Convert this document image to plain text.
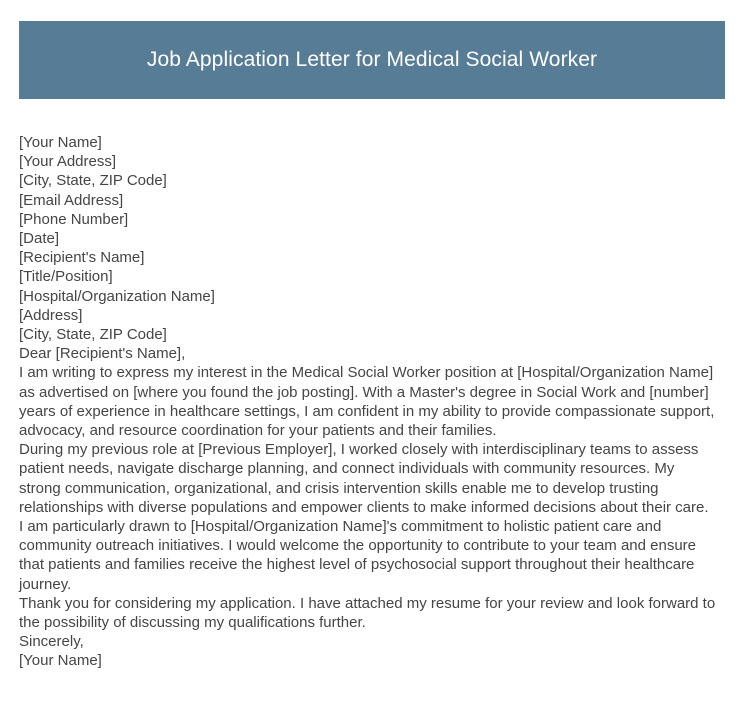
Job Application Letter for Medical Social Worker
[Your Name]
[Your Address]
[City, State, ZIP Code]
[Email Address]
[Phone Number]
[Date]
[Recipient's Name]
[Title/Position]
[Hospital/Organization Name]
[Address]
[City, State, ZIP Code]
Dear [Recipient's Name],

I am writing to express my interest in the Medical Social Worker position at [Hospital/Organization Name] as advertised on [where you found the job posting]. With a Master's degree in Social Work and [number] years of experience in healthcare settings, I am confident in my ability to provide compassionate support, advocacy, and resource coordination for your patients and their families.

During my previous role at [Previous Employer], I worked closely with interdisciplinary teams to assess patient needs, navigate discharge planning, and connect individuals with community resources. My strong communication, organizational, and crisis intervention skills enable me to develop trusting relationships with diverse populations and empower clients to make informed decisions about their care.

I am particularly drawn to [Hospital/Organization Name]'s commitment to holistic patient care and community outreach initiatives. I would welcome the opportunity to contribute to your team and ensure that patients and families receive the highest level of psychosocial support throughout their healthcare journey.

Thank you for considering my application. I have attached my resume for your review and look forward to the possibility of discussing my qualifications further.

Sincerely,
[Your Name]
